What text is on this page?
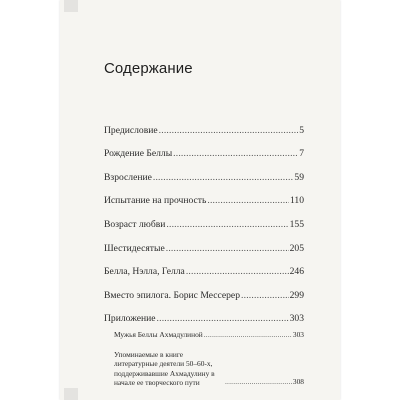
Содержание
Предисловие .....	5
Рождение Беллы .....	7
Взросление .....	59
Испытание на прочность .....	110
Возраст любви .....	155
Шестидесятые .....	205
Белла, Нэлла, Гелла .....	246
Вместо эпилога. Борис Мессерер .....	299
Приложение .....	303
Мужья Беллы Ахмадулиной .....	303
Упоминаемые в книге литературные деятели 50–60-х, поддерживавшие Ахмадулину в начале ее творческого пути .....	308
